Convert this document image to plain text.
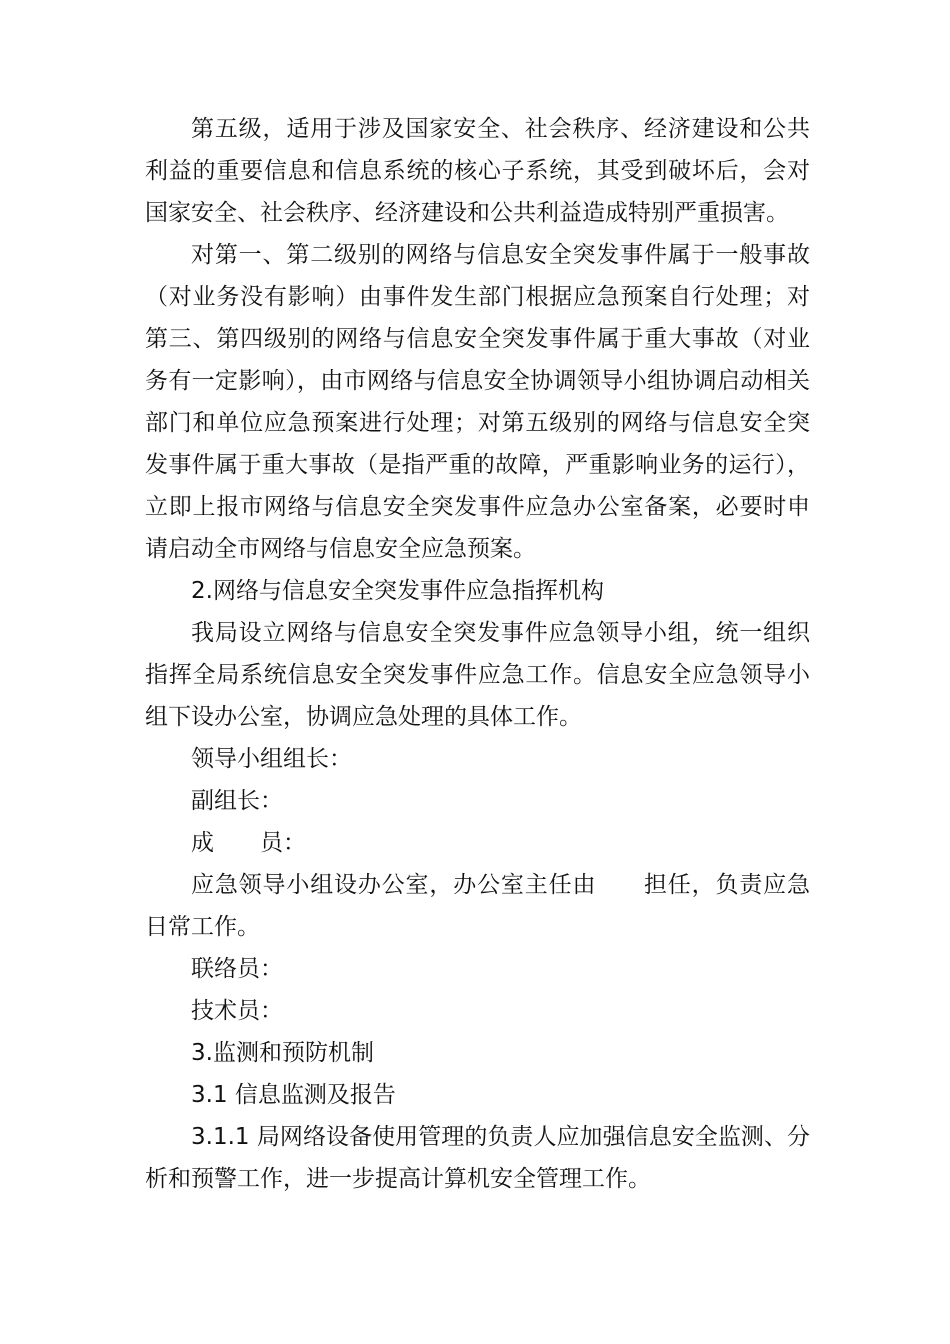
第五级，适用于涉及国家安全、社会秩序、经济建设和公共利益的重要信息和信息系统的核心子系统，其受到破坏后，会对国家安全、社会秩序、经济建设和公共利益造成特别严重损害。

对第一、第二级别的网络与信息安全突发事件属于一般事故（对业务没有影响）由事件发生部门根据应急预案自行处理；对第三、第四级别的网络与信息安全突发事件属于重大事故（对业务有一定影响），由市网络与信息安全协调领导小组协调启动相关部门和单位应急预案进行处理；对第五级别的网络与信息安全突发事件属于重大事故（是指严重的故障，严重影响业务的运行），立即上报市网络与信息安全突发事件应急办公室备案，必要时申请启动全市网络与信息安全应急预案。

2.网络与信息安全突发事件应急指挥机构

我局设立网络与信息安全突发事件应急领导小组，统一组织指挥全局系统信息安全突发事件应急工作。信息安全应急领导小组下设办公室，协调应急处理的具体工作。

领导小组组长：

副组长：

成　　员：

应急领导小组设办公室，办公室主任由　　担任，负责应急日常工作。

联络员：

技术员：

3.监测和预防机制

3.1 信息监测及报告

3.1.1 局网络设备使用管理的负责人应加强信息安全监测、分析和预警工作，进一步提高计算机安全管理工作。
